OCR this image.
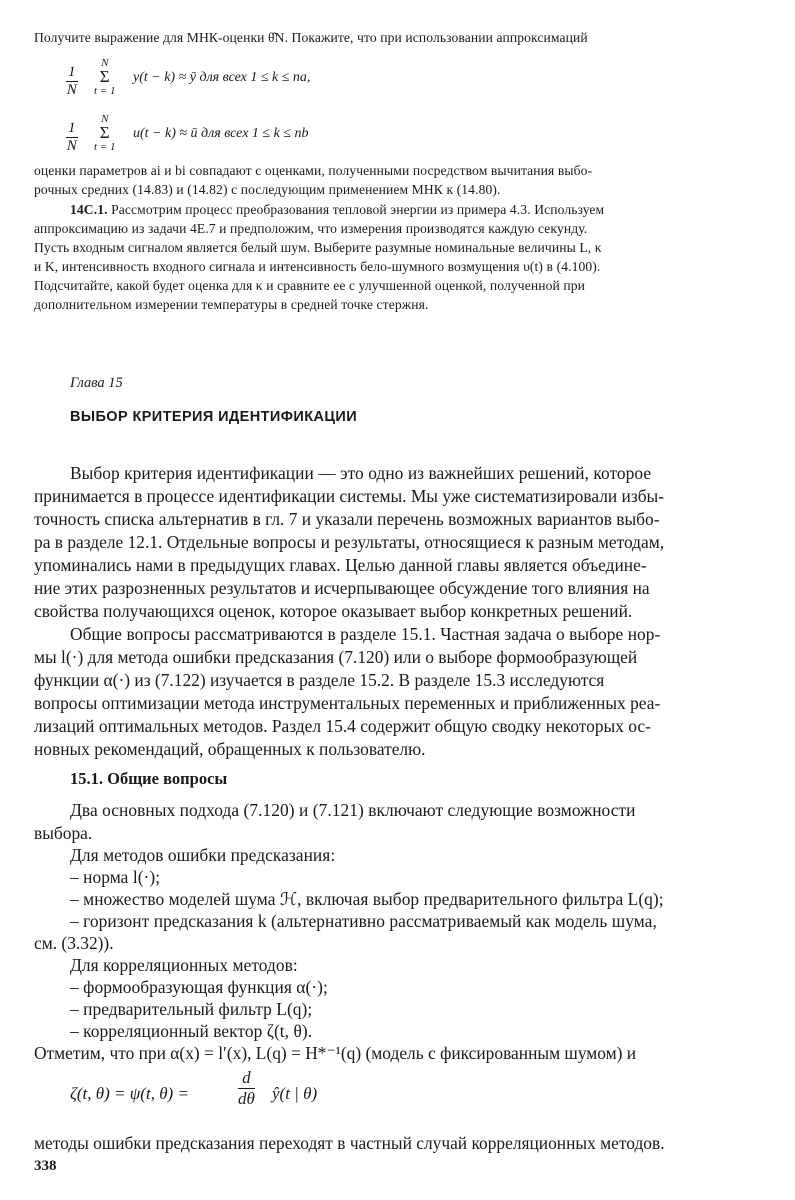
Получите выражение для МНК-оценки θ̂N. Покажите, что при использовании аппроксимаций
$\frac{1}{N}$
N
Σ
t = 1
y(t − k) ≈ ȳ для всех 1 ≤ k ≤ na,
$\frac{1}{N}$
N
Σ
t = 1
u(t − k) ≈ ū для всех 1 ≤ k ≤ nb
оценки параметров ai и bi совпадают с оценками, полученными посредством вычитания выбо-
рочных средних (14.83) и (14.82) с последующим применением МНК к (14.80).
14C.1. Рассмотрим процесс преобразования тепловой энергии из примера 4.3. Используем
аппроксимацию из задачи 4E.7 и предположим, что измерения производятся каждую секунду.
Пусть входным сигналом является белый шум. Выберите разумные номинальные величины L, κ
и K, интенсивность входного сигнала и интенсивность бело-шумного возмущения υ(t) в (4.100).
Подсчитайте, какой будет оценка для κ и сравните ее с улучшенной оценкой, полученной при
дополнительном измерении температуры в средней точке стержня.
Глава 15
ВЫБОР КРИТЕРИЯ ИДЕНТИФИКАЦИИ
Выбор критерия идентификации — это одно из важнейших решений, которое
принимается в процессе идентификации системы. Мы уже систематизировали избы-
точность списка альтернатив в гл. 7 и указали перечень возможных вариантов выбо-
ра в разделе 12.1. Отдельные вопросы и результаты, относящиеся к разным методам,
упоминались нами в предыдущих главах. Целью данной главы является объедине-
ние этих разрозненных результатов и исчерпывающее обсуждение того влияния на
свойства получающихся оценок, которое оказывает выбор конкретных решений.
Общие вопросы рассматриваются в разделе 15.1. Частная задача о выборе нор-
мы l(·) для метода ошибки предсказания (7.120) или о выборе формообразующей
функции α(·) из (7.122) изучается в разделе 15.2. В разделе 15.3 исследуются
вопросы оптимизации метода инструментальных переменных и приближенных реа-
лизаций оптимальных методов. Раздел 15.4 содержит общую сводку некоторых ос-
новных рекомендаций, обращенных к пользователю.
15.1. Общие вопросы
Два основных подхода (7.120) и (7.121) включают следующие возможности
выбора.
Для методов ошибки предсказания:
– норма l(·);
– множество моделей шума ℋ, включая выбор предварительного фильтра L(q);
– горизонт предсказания k (альтернативно рассматриваемый как модель шума,
см. (3.32)).
Для корреляционных методов:
– формообразующая функция α(·);
– предварительный фильтр L(q);
– корреляционный вектор ζ(t, θ).
Отметим, что при α(x) = l′(x), L(q) = H*⁻¹(q) (модель с фиксированным шумом) и
ζ(t, θ) = ψ(t, θ) =	$\frac{d}{d\theta}$ ŷ(t | θ)
методы ошибки предсказания переходят в частный случай корреляционных методов.
338
